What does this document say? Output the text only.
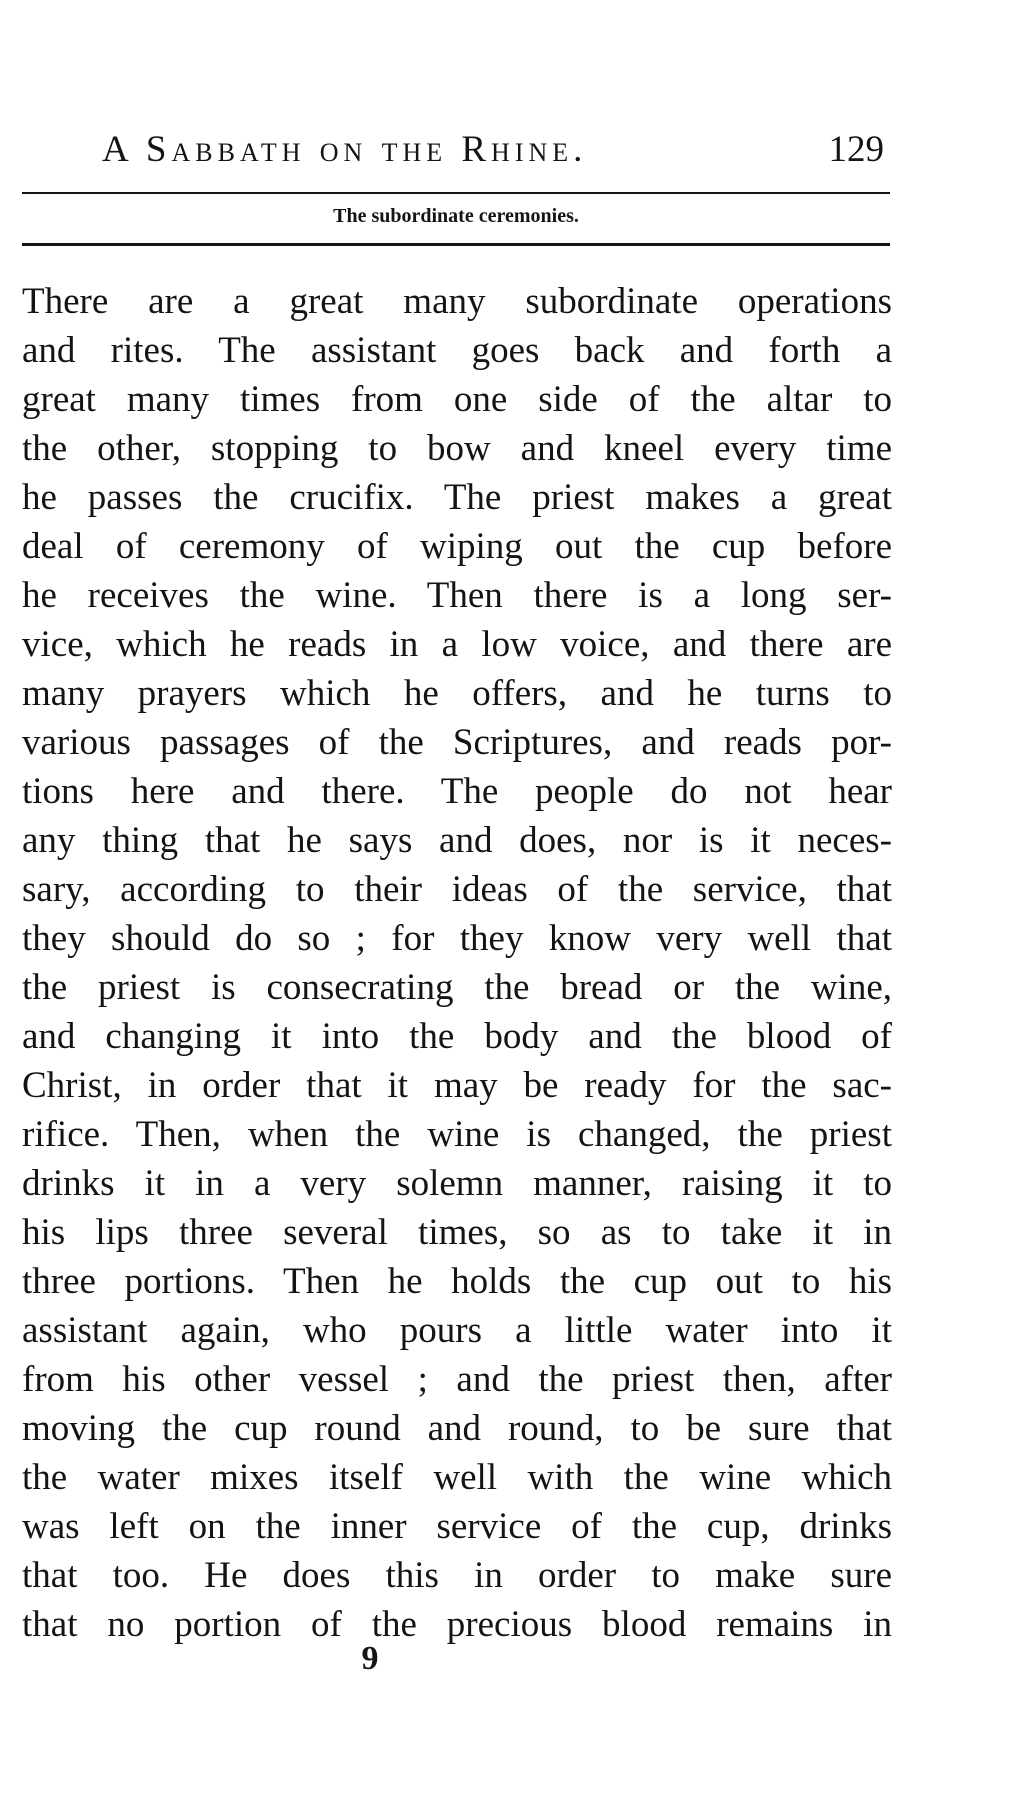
A Sabbath on the Rhine.	129
The subordinate ceremonies.
There are a great many subordinate operations
and rites. The assistant goes back and forth a
great many times from one side of the altar to
the other, stopping to bow and kneel every time
he passes the crucifix. The priest makes a great
deal of ceremony of wiping out the cup before
he receives the wine. Then there is a long ser-
vice, which he reads in a low voice, and there are
many prayers which he offers, and he turns to
various passages of the Scriptures, and reads por-
tions here and there. The people do not hear
any thing that he says and does, nor is it neces-
sary, according to their ideas of the service, that
they should do so ; for they know very well that
the priest is consecrating the bread or the wine,
and changing it into the body and the blood of
Christ, in order that it may be ready for the sac-
rifice. Then, when the wine is changed, the priest
drinks it in a very solemn manner, raising it to
his lips three several times, so as to take it in
three portions. Then he holds the cup out to his
assistant again, who pours a little water into it
from his other vessel ; and the priest then, after
moving the cup round and round, to be sure that
the water mixes itself well with the wine which
was left on the inner service of the cup, drinks
that too. He does this in order to make sure
that no portion of the precious blood remains in
9
